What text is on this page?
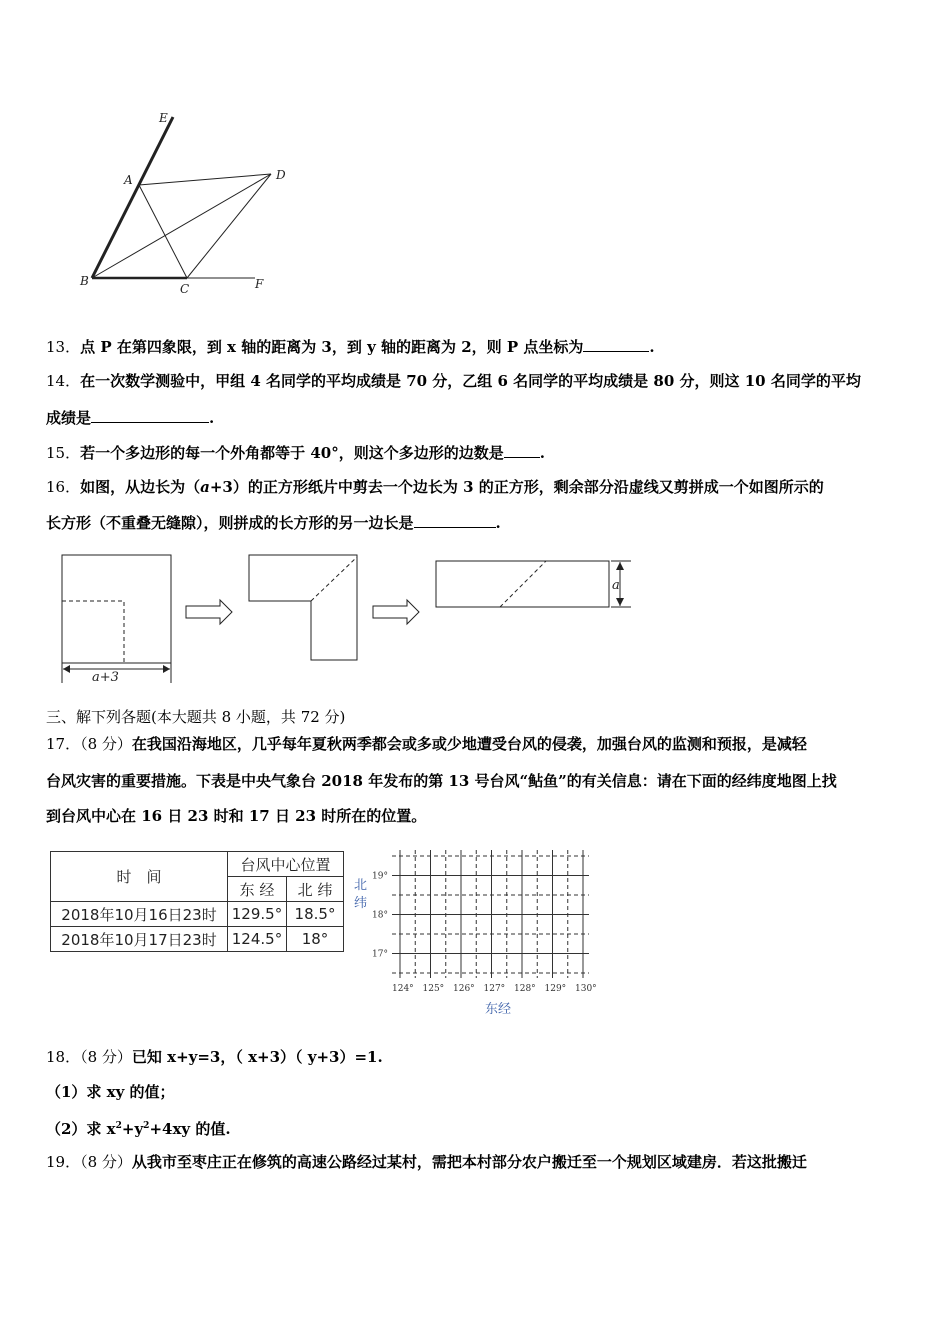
E
A	D
B
C	F
13．点 P 在第四象限，到 x 轴的距离为 3，到 y 轴的距离为 2，则 P 点坐标为	.
14．在一次数学测验中，甲组 4 名同学的平均成绩是 70 分，乙组 6 名同学的平均成绩是 80 分，则这 10 名同学的平均
成绩是	.
15．若一个多边形的每一个外角都等于 40°，则这个多边形的边数是 .
16．如图，从边长为（a+3）的正方形纸片中剪去一个边长为 3 的正方形，剩余部分沿虚线又剪拼成一个如图所示的
长方形（不重叠无缝隙），则拼成的长方形的另一边长是	.
a+3
a
三、解下列各题(本大题共 8 小题，共 72 分)
17．（8 分）在我国沿海地区，几乎每年夏秋两季都会或多或少地遭受台风的侵袭，加强台风的监测和预报，是减轻
台风灾害的重要措施。下表是中央气象台 2018 年发布的第 13 号台风“鲇鱼”的有关信息：请在下面的经纬度地图上找
到台风中心在 16 日 23 时和 17 日 23 时所在的位置。
时　间	台风中心位置	
	东 经	北 纬
2018年10月16日23时	129.5°	18.5°
2018年10月17日23时	124.5°	18°
19°
18°
17°
124° 125° 126° 127° 128° 129° 130°
北纬
东经
18．（8 分）已知 x+y=3，（ x+3）（ y+3）=1.
（1）求 xy 的值；
（2）求 $x^2+y^2+4xy$ 的值.
19．（8 分）从我市至枣庄正在修筑的高速公路经过某村，需把本村部分农户搬迁至一个规划区域建房．若这批搬迁
